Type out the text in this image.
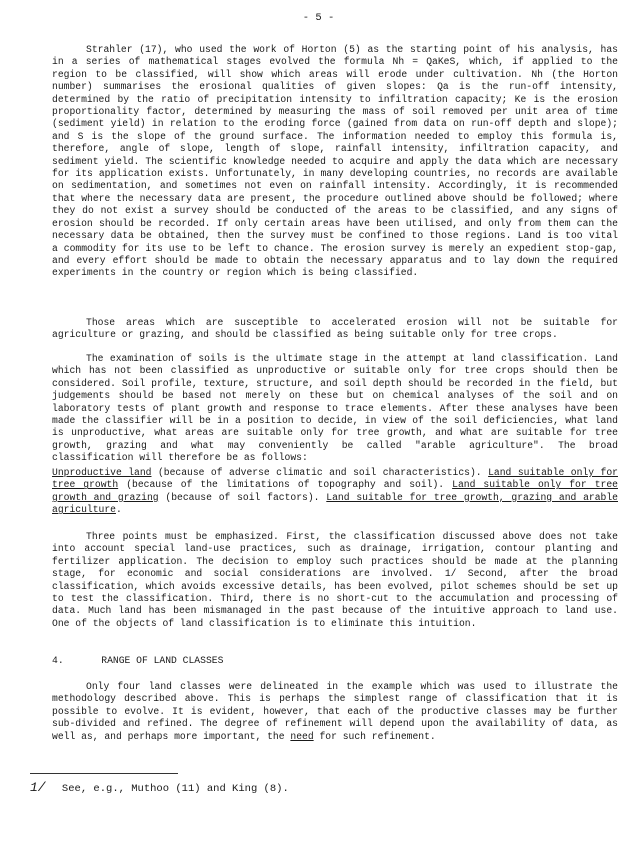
- 5 -

Strahler (17), who used the work of Horton (5) as the starting point of his analysis, has in a series of mathematical stages evolved the formula Nh = QaKeS, which, if applied to the region to be classified, will show which areas will erode under cultivation. Nh (the Horton number) summarises the erosional qualities of given slopes: Qa is the run-off intensity, determined by the ratio of precipitation intensity to infiltration capacity; Ke is the erosion proportionality factor, determined by measuring the mass of soil removed per unit area of time (sediment yield) in relation to the eroding force (gained from data on run-off depth and slope); and S is the slope of the ground surface. The information needed to employ this formula is, therefore, angle of slope, length of slope, rainfall intensity, infiltration capacity, and sediment yield. The scientific knowledge needed to acquire and apply the data which are necessary for its application exists. Unfortunately, in many developing countries, no records are available on sedimentation, and sometimes not even on rainfall intensity. Accordingly, it is recommended that where the necessary data are present, the procedure outlined above should be followed; where they do not exist a survey should be conducted of the areas to be classified, and any signs of erosion should be recorded. If only certain areas have been utilised, and only from them can the necessary data be obtained, then the survey must be confined to those regions. Land is too vital a commodity for its use to be left to chance. The erosion survey is merely an expedient stop-gap, and every effort should be made to obtain the necessary apparatus and to lay down the required experiments in the country or region which is being classified.

Those areas which are susceptible to accelerated erosion will not be suitable for agriculture or grazing, and should be classified as being suitable only for tree crops.

The examination of soils is the ultimate stage in the attempt at land classification. Land which has not been classified as unproductive or suitable only for tree crops should then be considered. Soil profile, texture, structure, and soil depth should be recorded in the field, but judgements should be based not merely on these but on chemical analyses of the soil and on laboratory tests of plant growth and response to trace elements. After these analyses have been made the classifier will be in a position to decide, in view of the soil deficiencies, what land is unproductive, what areas are suitable only for tree growth, and what are suitable for tree growth, grazing and what may conveniently be called "arable agriculture". The broad classification will therefore be as follows:

Unproductive land (because of adverse climatic and soil characteristics). Land suitable only for tree growth (because of the limitations of topography and soil). Land suitable only for tree growth and grazing (because of soil factors). Land suitable for tree growth, grazing and arable agriculture.

Three points must be emphasized. First, the classification discussed above does not take into account special land-use practices, such as drainage, irrigation, contour planting and fertilizer application. The decision to employ such practices should be made at the planning stage, for economic and social considerations are involved. 1/ Second, after the broad classification, which avoids excessive details, has been evolved, pilot schemes should be set up to test the classification. Third, there is no short-cut to the accumulation and processing of data. Much land has been mismanaged in the past because of the intuitive approach to land use. One of the objects of land classification is to eliminate this intuition.

4.	RANGE OF LAND CLASSES

Only four land classes were delineated in the example which was used to illustrate the methodology described above. This is perhaps the simplest range of classification that it is possible to evolve. It is evident, however, that each of the productive classes may be further sub-divided and refined. The degree of refinement will depend upon the availability of data, as well as, and perhaps more important, the need for such refinement.

1/ See, e.g., Muthoo (11) and King (8).
